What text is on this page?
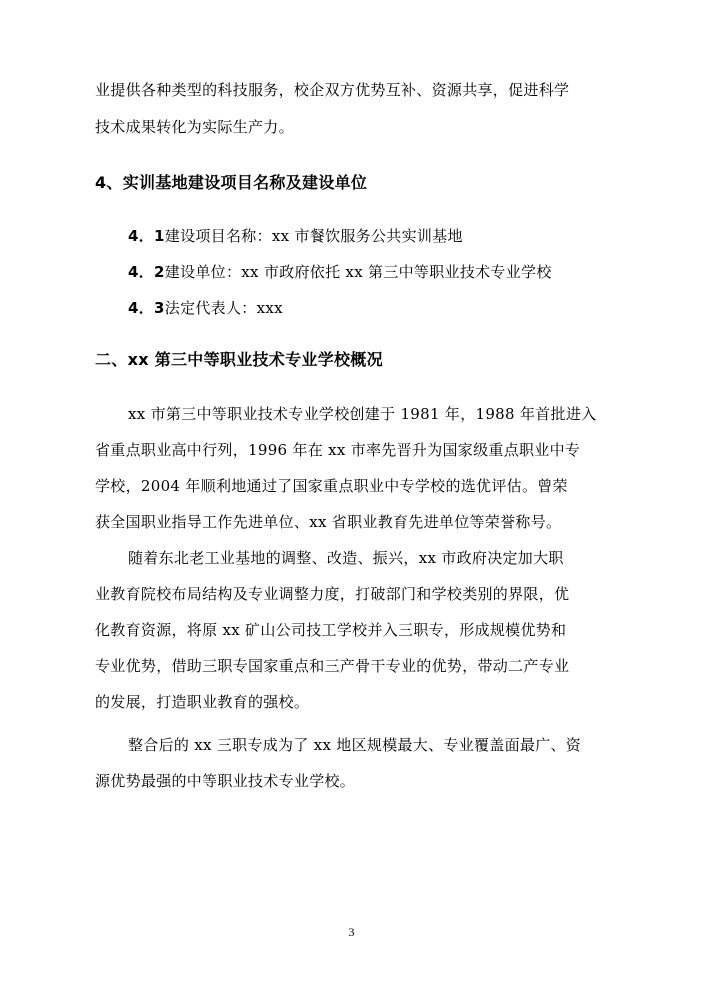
业提供各种类型的科技服务，校企双方优势互补、资源共享，促进科学
技术成果转化为实际生产力。
4、实训基地建设项目名称及建设单位
4．1建设项目名称：xx 市餐饮服务公共实训基地
4．2建设单位：xx 市政府依托 xx 第三中等职业技术专业学校
4．3法定代表人：xxx
二、xx 第三中等职业技术专业学校概况
xx 市第三中等职业技术专业学校创建于 1981 年，1988 年首批进入
省重点职业高中行列，1996 年在 xx 市率先晋升为国家级重点职业中专
学校，2004 年顺利地通过了国家重点职业中专学校的选优评估。曾荣
获全国职业指导工作先进单位、xx 省职业教育先进单位等荣誉称号。
随着东北老工业基地的调整、改造、振兴，xx 市政府决定加大职
业教育院校布局结构及专业调整力度，打破部门和学校类别的界限，优
化教育资源，将原 xx 矿山公司技工学校并入三职专，形成规模优势和
专业优势，借助三职专国家重点和三产骨干专业的优势，带动二产专业
的发展，打造职业教育的强校。
整合后的 xx 三职专成为了 xx 地区规模最大、专业覆盖面最广、资
源优势最强的中等职业技术专业学校。
3
